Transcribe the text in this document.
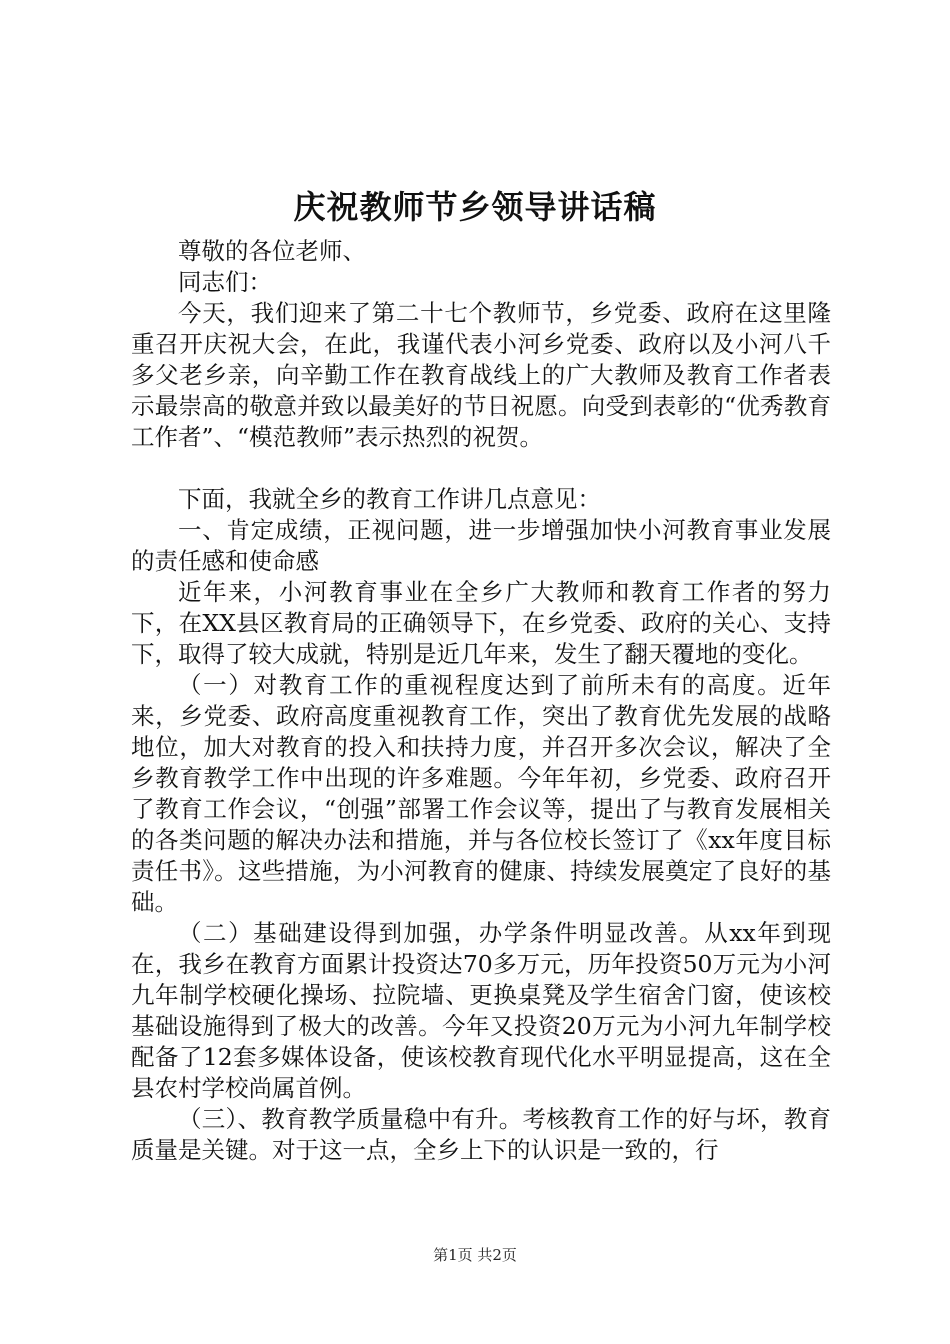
庆祝教师节乡领导讲话稿

尊敬的各位老师、

同志们：

今天，我们迎来了第二十七个教师节，乡党委、政府在这里隆重召开庆祝大会，在此，我谨代表小河乡党委、政府以及小河八千多父老乡亲，向辛勤工作在教育战线上的广大教师及教育工作者表示最崇高的敬意并致以最美好的节日祝愿。向受到表彰的“优秀教育工作者”、“模范教师”表示热烈的祝贺。

下面，我就全乡的教育工作讲几点意见：

一、肯定成绩，正视问题，进一步增强加快小河教育事业发展的责任感和使命感

近年来，小河教育事业在全乡广大教师和教育工作者的努力下，在XX县区教育局的正确领导下，在乡党委、政府的关心、支持下，取得了较大成就，特别是近几年来，发生了翻天覆地的变化。

（一）对教育工作的重视程度达到了前所未有的高度。近年来，乡党委、政府高度重视教育工作，突出了教育优先发展的战略地位，加大对教育的投入和扶持力度，并召开多次会议，解决了全乡教育教学工作中出现的许多难题。今年年初，乡党委、政府召开了教育工作会议，“创强”部署工作会议等，提出了与教育发展相关的各类问题的解决办法和措施，并与各位校长签订了《xx年度目标责任书》。这些措施，为小河教育的健康、持续发展奠定了良好的基础。

（二）基础建设得到加强，办学条件明显改善。从xx年到现在，我乡在教育方面累计投资达70多万元，历年投资50万元为小河九年制学校硬化操场、拉院墙、更换桌凳及学生宿舍门窗，使该校基础设施得到了极大的改善。今年又投资20万元为小河九年制学校配备了12套多媒体设备，使该校教育现代化水平明显提高，这在全县农村学校尚属首例。

（三）、教育教学质量稳中有升。考核教育工作的好与坏，教育质量是关键。对于这一点，全乡上下的认识是一致的，行

第1页 共2页
